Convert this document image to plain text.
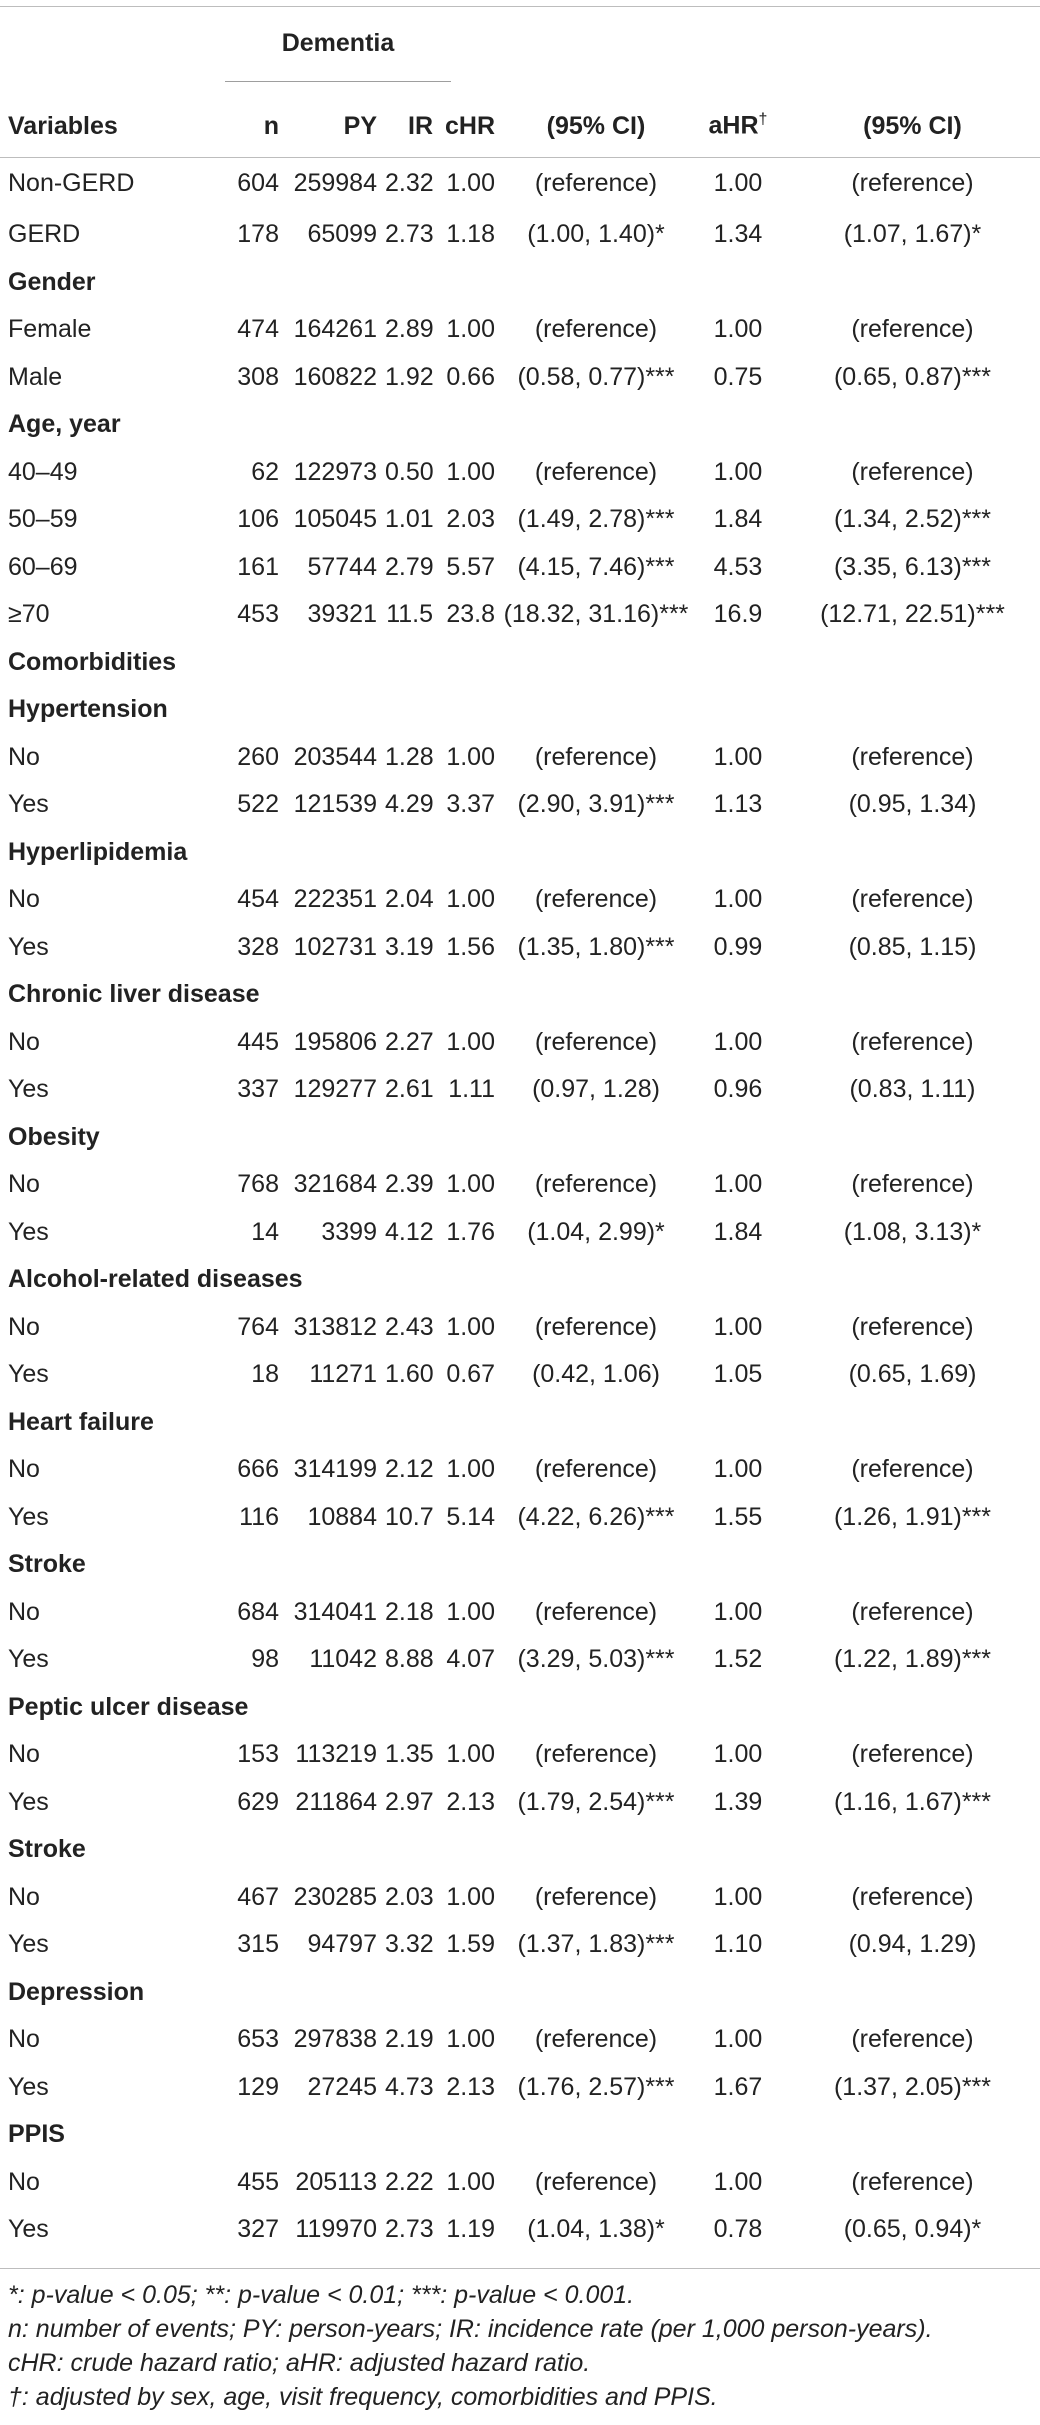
Dementia
Variables	n	PY	IR	cHR	(95% CI)	aHR†	(95% CI)
Non-GERD	604	259984	2.32	1.00	(reference)	1.00	(reference)
GERD	178	65099	2.73	1.18	(1.00, 1.40)*	1.34	(1.07, 1.67)*
Gender							
Female	474	164261	2.89	1.00	(reference)	1.00	(reference)
Male	308	160822	1.92	0.66	(0.58, 0.77)***	0.75	(0.65, 0.87)***
Age, year							
40–49	62	122973	0.50	1.00	(reference)	1.00	(reference)
50–59	106	105045	1.01	2.03	(1.49, 2.78)***	1.84	(1.34, 2.52)***
60–69	161	57744	2.79	5.57	(4.15, 7.46)***	4.53	(3.35, 6.13)***
≥70	453	39321	11.5	23.8	(18.32, 31.16)***	16.9	(12.71, 22.51)***
Comorbidities							
Hypertension							
No	260	203544	1.28	1.00	(reference)	1.00	(reference)
Yes	522	121539	4.29	3.37	(2.90, 3.91)***	1.13	(0.95, 1.34)
Hyperlipidemia							
No	454	222351	2.04	1.00	(reference)	1.00	(reference)
Yes	328	102731	3.19	1.56	(1.35, 1.80)***	0.99	(0.85, 1.15)
Chronic liver disease							
No	445	195806	2.27	1.00	(reference)	1.00	(reference)
Yes	337	129277	2.61	1.11	(0.97, 1.28)	0.96	(0.83, 1.11)
Obesity							
No	768	321684	2.39	1.00	(reference)	1.00	(reference)
Yes	14	3399	4.12	1.76	(1.04, 2.99)*	1.84	(1.08, 3.13)*
Alcohol-related diseases							
No	764	313812	2.43	1.00	(reference)	1.00	(reference)
Yes	18	11271	1.60	0.67	(0.42, 1.06)	1.05	(0.65, 1.69)
Heart failure							
No	666	314199	2.12	1.00	(reference)	1.00	(reference)
Yes	116	10884	10.7	5.14	(4.22, 6.26)***	1.55	(1.26, 1.91)***
Stroke							
No	684	314041	2.18	1.00	(reference)	1.00	(reference)
Yes	98	11042	8.88	4.07	(3.29, 5.03)***	1.52	(1.22, 1.89)***
Peptic ulcer disease							
No	153	113219	1.35	1.00	(reference)	1.00	(reference)
Yes	629	211864	2.97	2.13	(1.79, 2.54)***	1.39	(1.16, 1.67)***
Stroke							
No	467	230285	2.03	1.00	(reference)	1.00	(reference)
Yes	315	94797	3.32	1.59	(1.37, 1.83)***	1.10	(0.94, 1.29)
Depression							
No	653	297838	2.19	1.00	(reference)	1.00	(reference)
Yes	129	27245	4.73	2.13	(1.76, 2.57)***	1.67	(1.37, 2.05)***
PPIS							
No	455	205113	2.22	1.00	(reference)	1.00	(reference)
Yes	327	119970	2.73	1.19	(1.04, 1.38)*	0.78	(0.65, 0.94)*
*: p-value < 0.05; **: p-value < 0.01; ***: p-value < 0.001.
n: number of events; PY: person-years; IR: incidence rate (per 1,000 person-years).
cHR: crude hazard ratio; aHR: adjusted hazard ratio.
†: adjusted by sex, age, visit frequency, comorbidities and PPIS.
